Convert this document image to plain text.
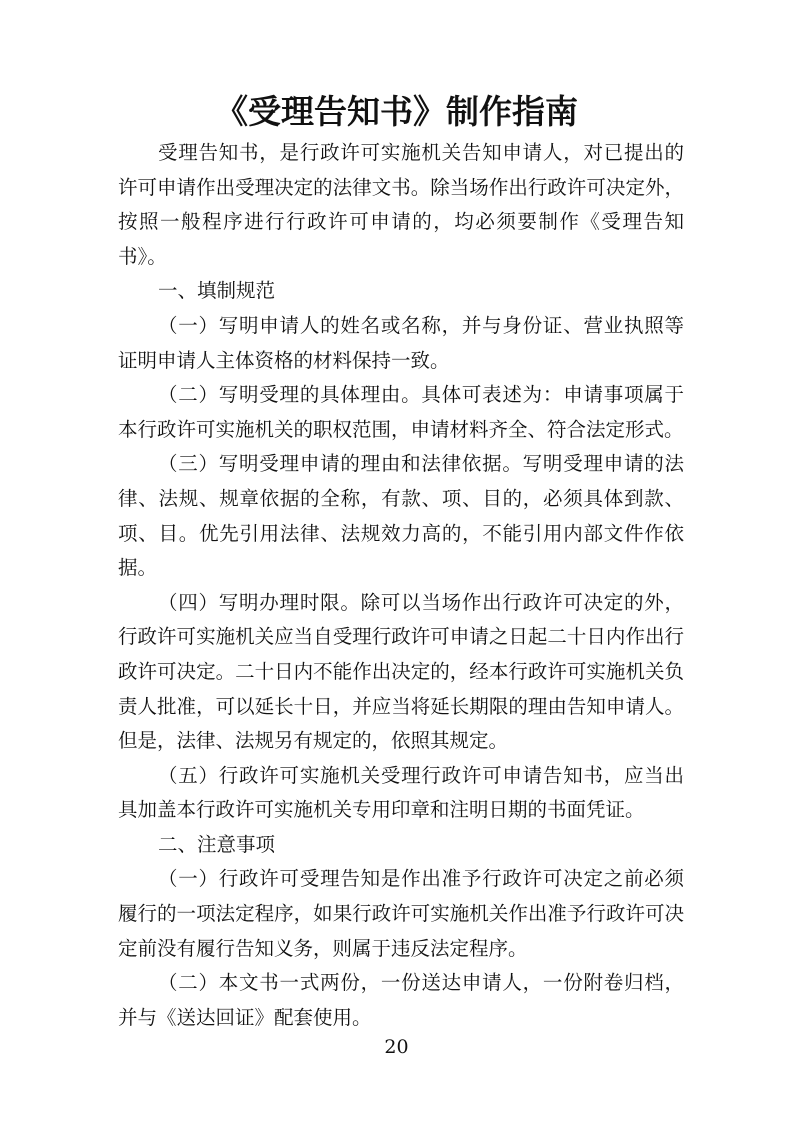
《受理告知书》制作指南

受理告知书，是行政许可实施机关告知申请人，对已提出的许可申请作出受理决定的法律文书。除当场作出行政许可决定外，按照一般程序进行行政许可申请的，均必须要制作《受理告知书》。

一、填制规范

（一）写明申请人的姓名或名称，并与身份证、营业执照等证明申请人主体资格的材料保持一致。

（二）写明受理的具体理由。具体可表述为：申请事项属于本行政许可实施机关的职权范围，申请材料齐全、符合法定形式。

（三）写明受理申请的理由和法律依据。写明受理申请的法律、法规、规章依据的全称，有款、项、目的，必须具体到款、项、目。优先引用法律、法规效力高的，不能引用内部文件作依据。

（四）写明办理时限。除可以当场作出行政许可决定的外，行政许可实施机关应当自受理行政许可申请之日起二十日内作出行政许可决定。二十日内不能作出决定的，经本行政许可实施机关负责人批准，可以延长十日，并应当将延长期限的理由告知申请人。但是，法律、法规另有规定的，依照其规定。

（五）行政许可实施机关受理行政许可申请告知书，应当出具加盖本行政许可实施机关专用印章和注明日期的书面凭证。

二、注意事项

（一）行政许可受理告知是作出准予行政许可决定之前必须履行的一项法定程序，如果行政许可实施机关作出准予行政许可决定前没有履行告知义务，则属于违反法定程序。

（二）本文书一式两份，一份送达申请人，一份附卷归档，并与《送达回证》配套使用。

20
